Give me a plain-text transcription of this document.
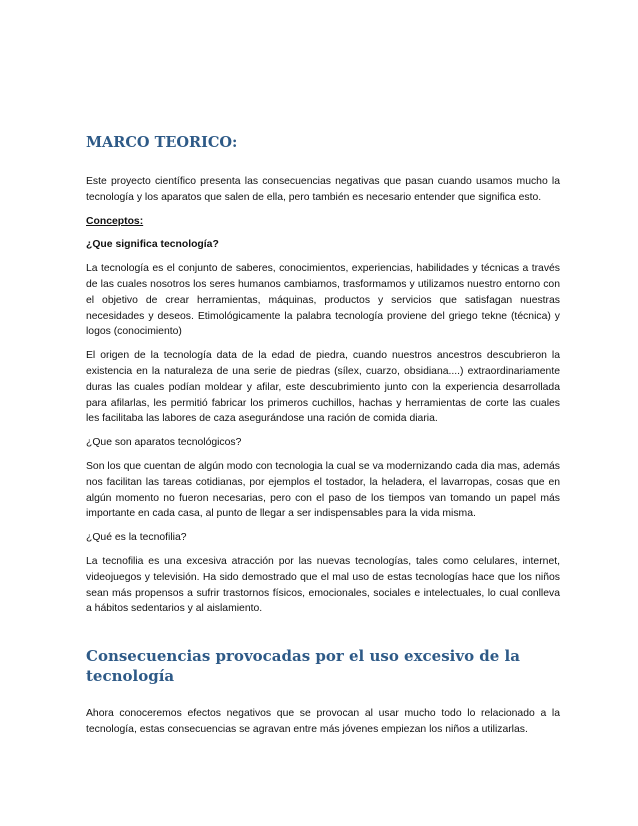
MARCO TEORICO:

Este proyecto científico presenta las consecuencias negativas que pasan cuando usamos mucho la tecnología y los aparatos que salen de ella, pero también es necesario entender que significa esto.

Conceptos:

¿Que significa tecnología?

La tecnología es el conjunto de saberes, conocimientos, experiencias, habilidades y técnicas a través de las cuales nosotros los seres humanos cambiamos, trasformamos y utilizamos nuestro entorno con el objetivo de crear herramientas, máquinas, productos y servicios que satisfagan nuestras necesidades y deseos. Etimológicamente la palabra tecnología proviene del griego tekne (técnica) y logos (conocimiento)

El origen de la tecnología data de la edad de piedra, cuando nuestros ancestros descubrieron la existencia en la naturaleza de una serie de piedras (sílex, cuarzo, obsidiana....) extraordinariamente duras las cuales podían moldear y afilar, este descubrimiento junto con la experiencia desarrollada para afilarlas, les permitió fabricar los primeros cuchillos, hachas y herramientas de corte las cuales les facilitaba las labores de caza asegurándose una ración de comida diaria.

¿Que son aparatos tecnológicos?

Son los que cuentan de algún modo con tecnologia la cual se va modernizando cada dia mas, además nos facilitan las tareas cotidianas, por ejemplos el tostador, la heladera, el lavarropas, cosas que en algún momento no fueron necesarias, pero con el paso de los tiempos van tomando un papel más importante en cada casa, al punto de llegar a ser indispensables para la vida misma.

¿Qué es la tecnofilia?

La tecnofilia es una excesiva atracción por las nuevas tecnologías, tales como celulares, internet, videojuegos y televisión. Ha sido demostrado que el mal uso de estas tecnologías hace que los niños sean más propensos a sufrir trastornos físicos, emocionales, sociales e intelectuales, lo cual conlleva a hábitos sedentarios y al aislamiento.

Consecuencias provocadas por el uso excesivo de la tecnología

Ahora conoceremos efectos negativos que se provocan al usar mucho todo lo relacionado a la tecnología, estas consecuencias se agravan entre más jóvenes empiezan los niños a utilizarlas.
